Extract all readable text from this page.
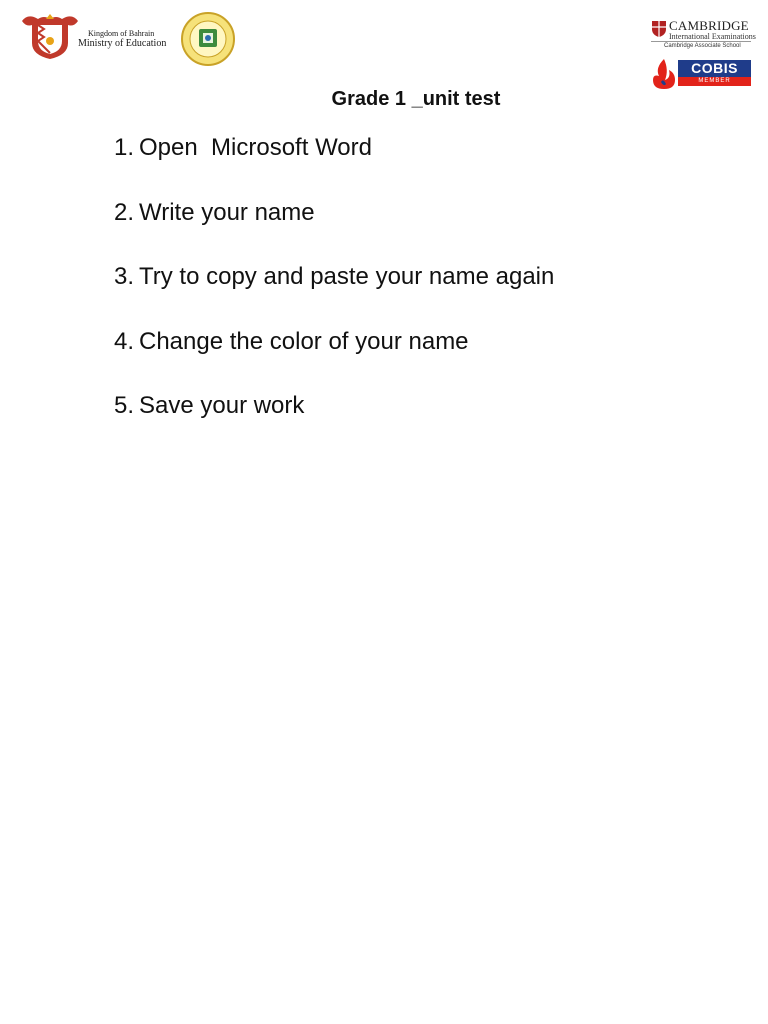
Kingdom of Bahrain
Ministry of Education
CAMBRIDGE
International Examinations
Cambridge Associate School
COBIS
MEMBER
Grade 1 _unit test

1.

Open  Microsoft Word

2.

Write your name

3.

Try to copy and paste your name again

4.

Change the color of your name

5.

Save your work
